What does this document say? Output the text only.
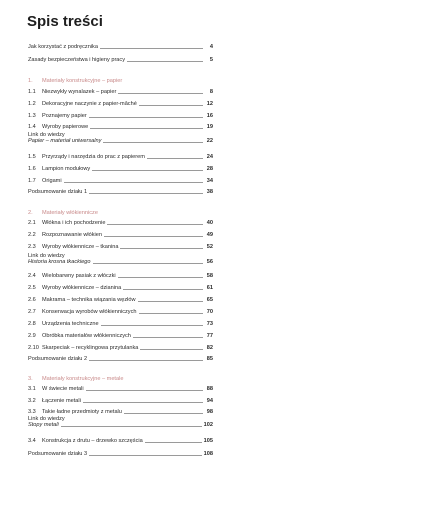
Spis treści
Jak korzystać z podręcznika	4
Zasady bezpieczeństwa i higieny pracy	5
1.	Materiały konstrukcyjne – papier
1.1	Niezwykły wynalazek – papier	8
1.2	Dekoracyjne naczynie z papier-mâché	12
1.3	Poznajemy papier	16
1.4	Wyroby papierowe	19
Link do wiedzy
Papier – materiał uniwersalny	22
1.5	Przyrządy i narzędzia do prac z papierem	24
1.6	Lampion modułowy	28
1.7	Origami	34
Podsumowanie działu 1	38
2.	Materiały włókiennicze
2.1	Włókna i ich pochodzenie	40
2.2	Rozpoznawanie włókien	49
2.3	Wyroby włókiennicze – tkanina	52
Link do wiedzy
Historia krosna tkackiego	56
2.4	Wielobarwny pasiak z włóczki	58
2.5	Wyroby włókiennicze – dzianina	61
2.6	Makrama – technika wiązania węzłów	65
2.7	Konserwacja wyrobów włókienniczych	70
2.8	Urządzenia techniczne	73
2.9	Obróbka materiałów włókienniczych	77
2.10 Skarpeciak – recyklingowa przytulanka	82
Podsumowanie działu 2	85
3.	Materiały konstrukcyjne – metale
3.1	W świecie metali	88
3.2	Łączenie metali	94
3.3	Takie ładne przedmioty z metalu	98
Link do wiedzy
Stopy metali	102
3.4	Konstrukcja z drutu – drzewko szczęścia	105
Podsumowanie działu 3	108
